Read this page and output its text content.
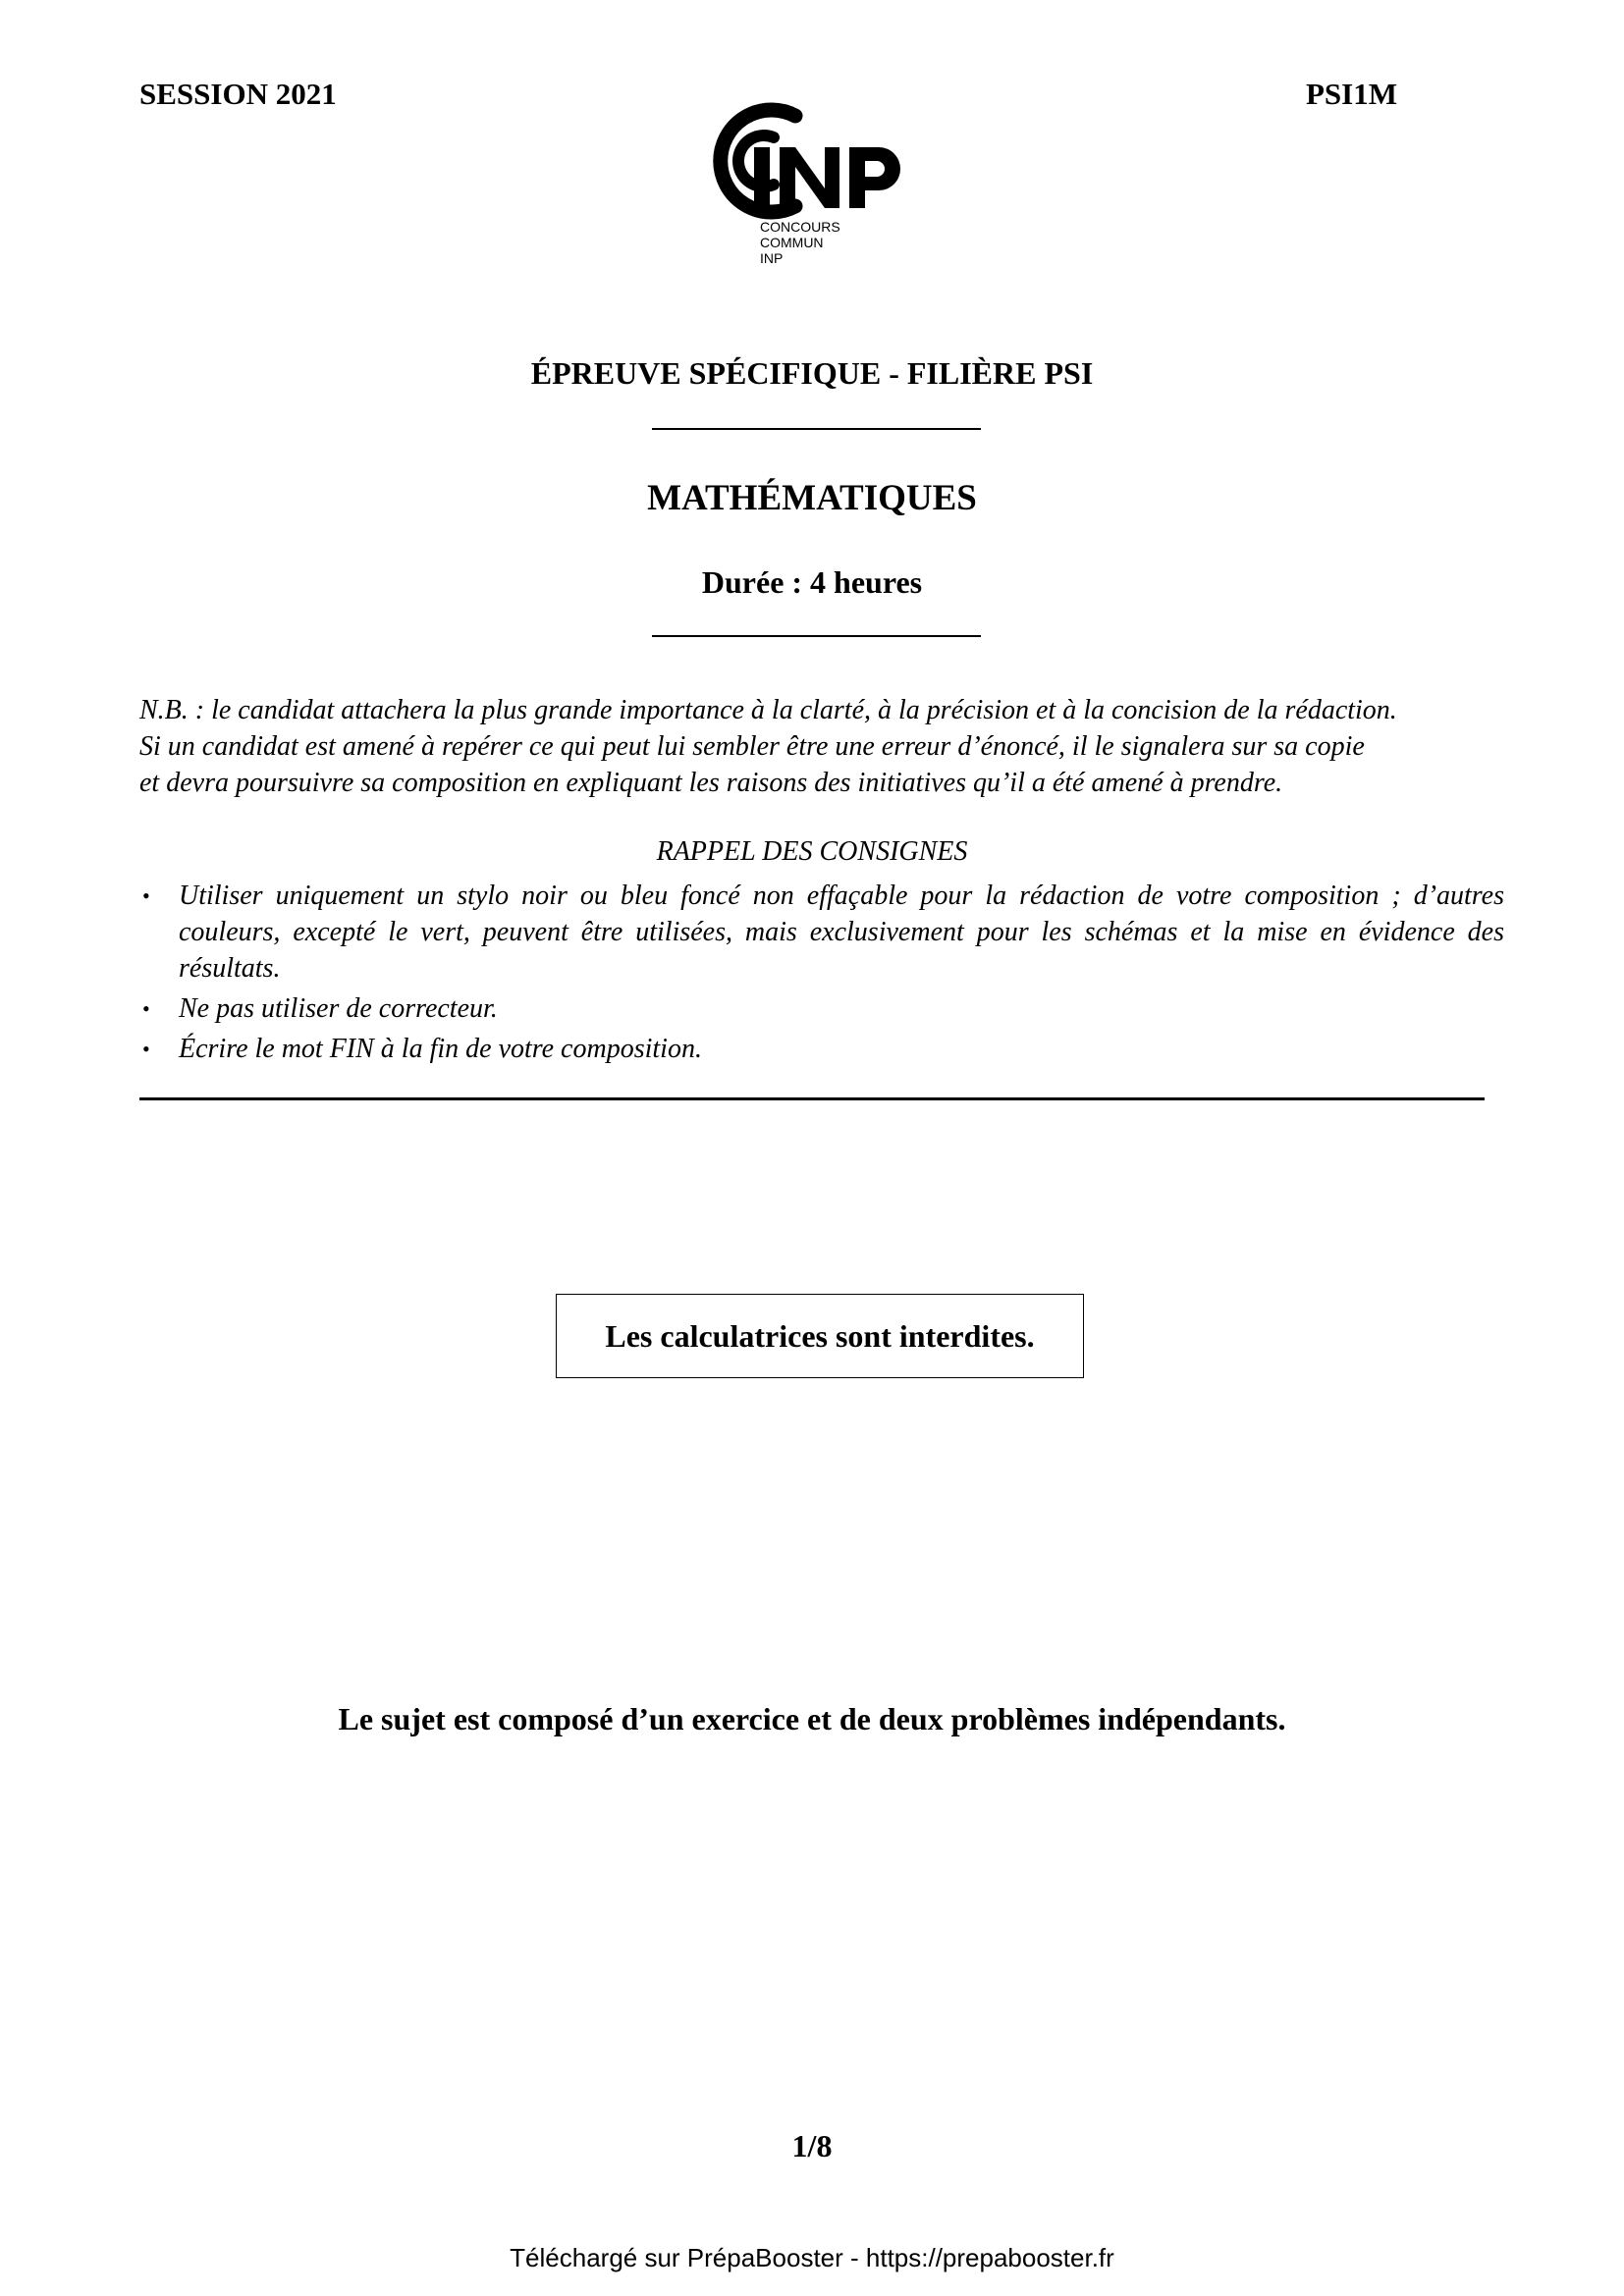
SESSION 2021
CONCOURS
COMMUN
INP
PSI1M
ÉPREUVE SPÉCIFIQUE - FILIÈRE PSI
MATHÉMATIQUES
Durée : 4 heures
N.B. : le candidat attachera la plus grande importance à la clarté, à la précision et à la concision de la rédaction.
Si un candidat est amené à repérer ce qui peut lui sembler être une erreur d’énoncé, il le signalera sur sa copie
et devra poursuivre sa composition en expliquant les raisons des initiatives qu’il a été amené à prendre.
RAPPEL DES CONSIGNES
• Utiliser uniquement un stylo noir ou bleu foncé non effaçable pour la rédaction de votre composition ; d’autres couleurs, excepté le vert, peuvent être utilisées, mais exclusivement pour les schémas et la mise en évidence des résultats.
• Ne pas utiliser de correcteur.
• Écrire le mot FIN à la fin de votre composition.
Les calculatrices sont interdites.
Le sujet est composé d’un exercice et de deux problèmes indépendants.
1/8
Téléchargé sur PrépaBooster - https://prepabooster.fr
